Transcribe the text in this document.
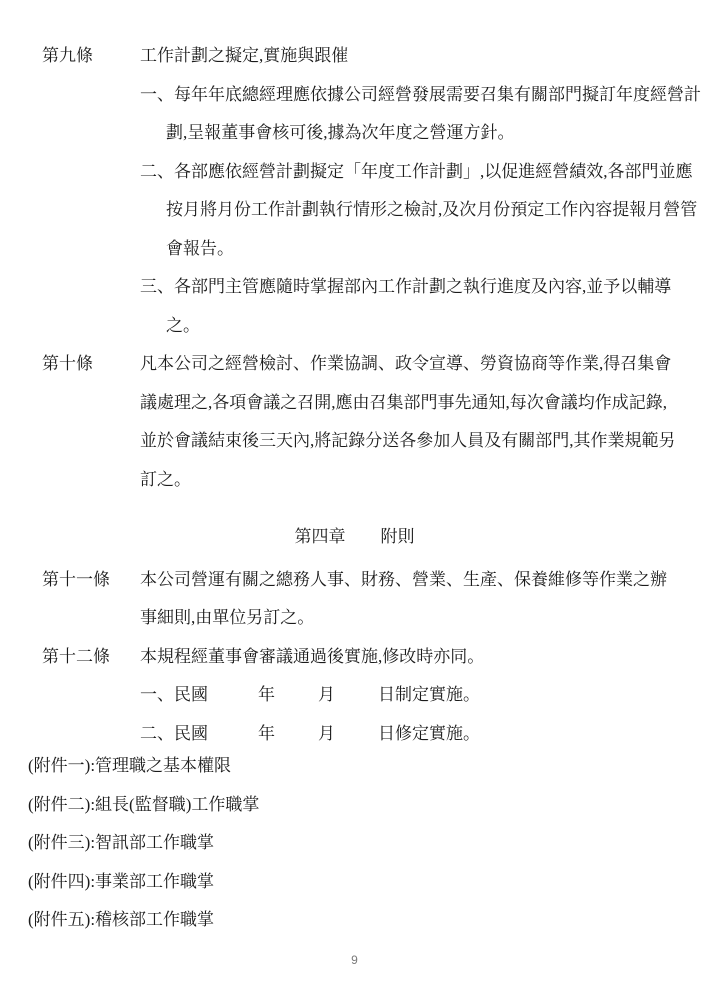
第九條	工作計劃之擬定,實施與跟催
一、每年年底總經理應依據公司經營發展需要召集有關部門擬訂年度經營計劃,呈報董事會核可後,據為次年度之營運方針。
二、各部應依經營計劃擬定「年度工作計劃」,以促進經營績效,各部門並應按月將月份工作計劃執行情形之檢討,及次月份預定工作內容提報月營管會報告。
三、各部門主管應隨時掌握部內工作計劃之執行進度及內容,並予以輔導之。
第十條	凡本公司之經營檢討、作業協調、政令宣導、勞資協商等作業,得召集會議處理之,各項會議之召開,應由召集部門事先通知,每次會議均作成記錄,並於會議結束後三天內,將記錄分送各參加人員及有關部門,其作業規範另訂之。
第四章 附則
第十一條	本公司營運有關之總務人事、財務、營業、生產、保養維修等作業之辦事細則,由單位另訂之。
第十二條	本規程經董事會審議通過後實施,修改時亦同。
一、民國	年	月	日制定實施。
二、民國	年	月	日修定實施。
(附件一):管理職之基本權限
(附件二):組長(監督職)工作職掌
(附件三):智訊部工作職掌
(附件四):事業部工作職掌
(附件五):稽核部工作職掌
9
